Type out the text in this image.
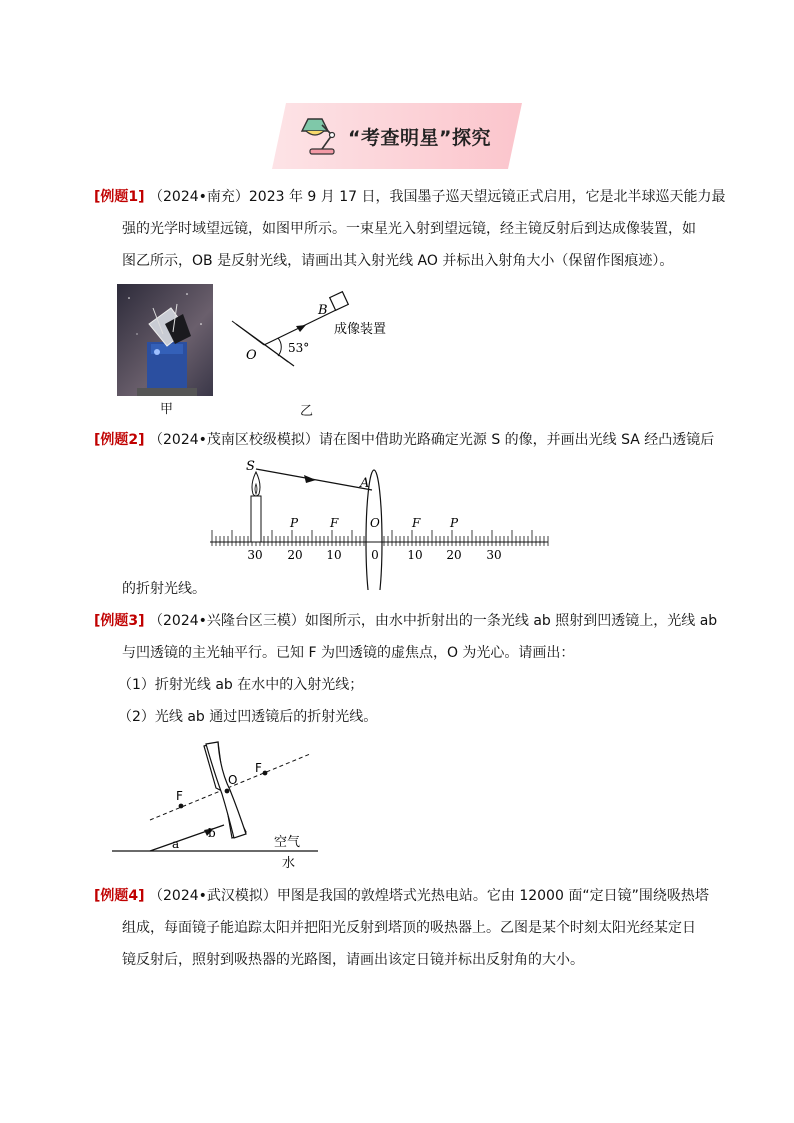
“考查明星”探究
[例题1] （2024•南充）2023 年 9 月 17 日，我国墨子巡天望远镜正式启用，它是北半球巡天能力最
强的光学时域望远镜，如图甲所示。一束星光入射到望远镜，经主镜反射后到达成像装置，如
图乙所示，OB 是反射光线，请画出其入射光线 AO 并标出入射角大小（保留作图痕迹）。
甲
B
O	53°
成像装置
乙
[例题2] （2024•茂南区校级模拟）请在图中借助光路确定光源 S 的像，并画出光线 SA 经凸透镜后
S
A
P	F	O	F P
30 20 10 0 10 20 30
的折射光线。
[例题3] （2024•兴隆台区三模）如图所示，由水中折射出的一条光线 ab 照射到凹透镜上，光线 ab
与凹透镜的主光轴平行。已知 F 为凹透镜的虚焦点，O 为光心。请画出：
（1）折射光线 ab 在水中的入射光线；
（2）光线 ab 通过凹透镜后的折射光线。
F
O
F
a
b
空气
水
[例题4] （2024•武汉模拟）甲图是我国的敦煌塔式光热电站。它由 12000 面“定日镜”围绕吸热塔
组成，每面镜子能追踪太阳并把阳光反射到塔顶的吸热器上。乙图是某个时刻太阳光经某定日
镜反射后，照射到吸热器的光路图，请画出该定日镜并标出反射角的大小。
